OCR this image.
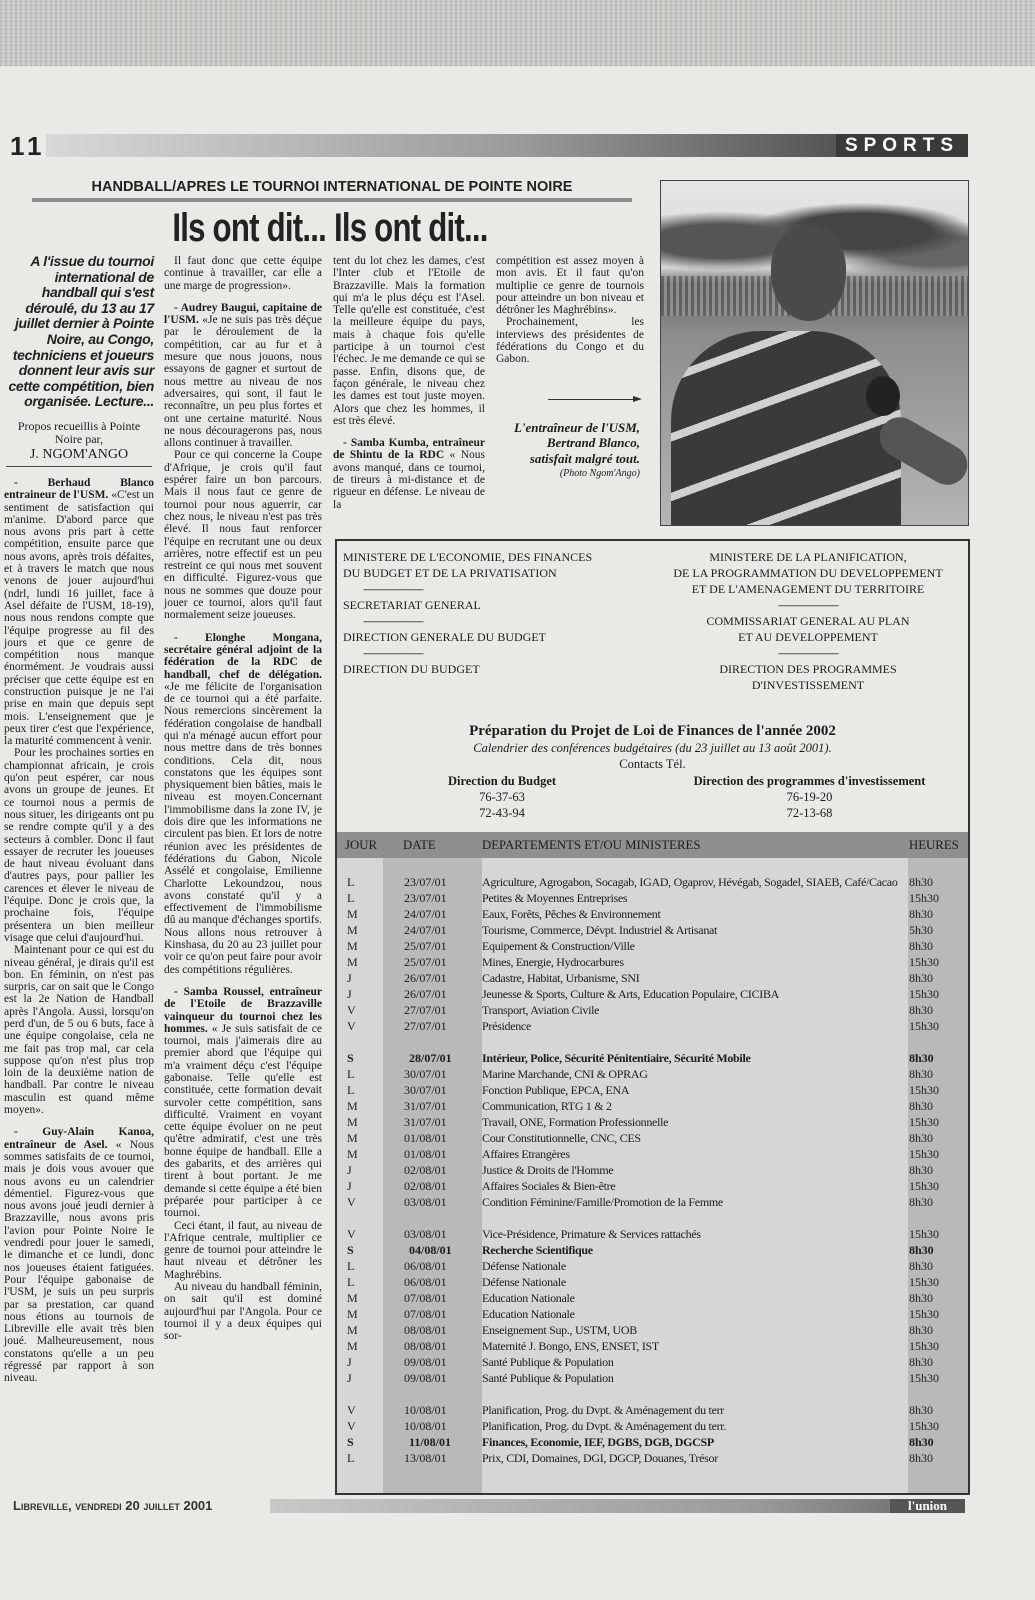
11	SPORTS
HANDBALL/APRES LE TOURNOI INTERNATIONAL DE POINTE NOIRE
Ils ont dit... Ils ont dit...
A l'issue du tournoi international de handball qui s'est déroulé, du 13 au 17 juillet dernier à Pointe Noire, au Congo, techniciens et joueurs donnent leur avis sur cette compétition, bien organisée. Lecture...
Propos recueillis à Pointe Noire par,
J. NGOM'ANGO

- Berhaud Blanco entraineur de l'USM. «C'est un sentiment de satisfaction qui m'anime. D'abord parce que nous avons pris part à cette compétition, ensuite parce que nous avons, après trois défaites, et à travers le match que nous venons de jouer aujourd'hui (ndrl, lundi 16 juillet, face à Asel défaite de l'USM, 18-19), nous nous rendons compte que l'équipe progresse au fil des jours et que ce genre de compétition nous manque énormément. Je voudrais aussi préciser que cette équipe est en construction puisque je ne l'ai prise en main que depuis sept mois. L'enseignement que je peux tirer c'est que l'expérience, la maturité commencent à venir.

Pour les prochaines sorties en championnat africain, je crois qu'on peut espérer, car nous avons un groupe de jeunes. Et ce tournoi nous a permis de nous situer, les dirigeants ont pu se rendre compte qu'il y a des secteurs à combler. Donc il faut essayer de recruter les joueuses de haut niveau évoluant dans d'autres pays, pour pallier les carences et élever le niveau de l'équipe. Donc je crois que, la prochaine fois, l'équipe présentera un bien meilleur visage que celui d'aujourd'hui.

Maintenant pour ce qui est du niveau général, je dirais qu'il est bon. En féminin, on n'est pas surpris, car on sait que le Congo est la 2e Nation de Handball après l'Angola. Aussi, lorsqu'on perd d'un, de 5 ou 6 buts, face à une équipe congolaise, cela ne me fait pas trop mal, car cela suppose qu'on n'est plus trop loin de la deuxième nation de handball. Par contre le niveau masculin est quand même moyen».

- Guy-Alain Kanoa, entraîneur de Asel. « Nous sommes satisfaits de ce tournoi, mais je dois vous avouer que nous avons eu un calendrier démentiel. Figurez-vous que nous avons joué jeudi dernier à Brazzaville, nous avons pris l'avion pour Pointe Noire le vendredi pour jouer le samedi, le dimanche et ce lundi, donc nos joueuses étaient fatiguées. Pour l'équipe gabonaise de l'USM, je suis un peu surpris par sa prestation, car quand nous étions au tournois de Libreville elle avait très bien joué. Malheureusement, nous constatons qu'elle a un peu régressé par rapport à son niveau.

Il faut donc que cette équipe continue à travailler, car elle a une marge de progression».

- Audrey Baugui, capitaine de l'USM. «Je ne suis pas très déçue par le déroulement de la compétition, car au fur et à mesure que nous jouons, nous essayons de gagner et surtout de nous mettre au niveau de nos adversaires, qui sont, il faut le reconnaître, un peu plus fortes et ont une certaine maturité. Nous ne nous découragerons pas, nous allons continuer à travailler.

Pour ce qui concerne la Coupe d'Afrique, je crois qu'il faut espérer faire un bon parcours. Mais il nous faut ce genre de tournoi pour nous aguerrir, car chez nous, le niveau n'est pas très élevé. Il nous faut renforcer l'équipe en recrutant une ou deux arrières, notre effectif est un peu restreint ce qui nous met souvent en difficulté. Figurez-vous que nous ne sommes que douze pour jouer ce tournoi, alors qu'il faut normalement seize joueuses.

- Elonghe Mongana, secrétaire général adjoint de la fédération de la RDC de handball, chef de délégation. «Je me félicite de l'organisation de ce tournoi qui a été parfaite. Nous remercions sincèrement la fédération congolaise de handball qui n'a ménagé aucun effort pour nous mettre dans de très bonnes conditions. Cela dit, nous constatons que les équipes sont physiquement bien bâties, mais le niveau est moyen.Concernant l'immobilisme dans la zone IV, je dois dire que les informations ne circulent pas bien. Et lors de notre réunion avec les présidentes de fédérations du Gabon, Nicole Assélé et congolaise, Emilienne Charlotte Lekoundzou, nous avons constaté qu'il y a effectivement de l'immobilisme dû au manque d'échanges sportifs. Nous allons nous retrouver à Kinshasa, du 20 au 23 juillet pour voir ce qu'on peut faire pour avoir des compétitions régulières.

- Samba Roussel, entraîneur de l'Etoile de Brazzaville vainqueur du tournoi chez les hommes. « Je suis satisfait de ce tournoi, mais j'aimerais dire au premier abord que l'équipe qui m'a vraiment déçu c'est l'équipe gabonaise. Telle qu'elle est constituée, cette formation devait survoler cette compétition, sans difficulté. Vraiment en voyant cette équipe évoluer on ne peut qu'être admiratif, c'est une très bonne équipe de handball. Elle a des gabarits, et des arrières qui tirent à bout portant. Je me demande si cette équipe a été bien préparée pour participer à ce tournoi.

Ceci étant, il faut, au niveau de l'Afrique centrale, multiplier ce genre de tournoi pour atteindre le haut niveau et détrôner les Maghrébins.

Au niveau du handball féminin, on sait qu'il est dominé aujourd'hui par l'Angola. Pour ce tournoi il y a deux équipes qui sor-

tent du lot chez les dames, c'est l'Inter club et l'Etoile de Brazzaville. Mais la formation qui m'a le plus déçu est l'Asel. Telle qu'elle est constituée, c'est la meilleure équipe du pays, mais à chaque fois qu'elle participe à un tournoi c'est l'échec. Je me demande ce qui se passe. Enfin, disons que, de façon générale, le niveau chez les dames est tout juste moyen. Alors que chez les hommes, il est très élevé.

- Samba Kumba, entraîneur de Shintu de la RDC « Nous avons manqué, dans ce tournoi, de tireurs à mi-distance et de rigueur en défense. Le niveau de la

compétition est assez moyen à mon avis. Et il faut qu'on multiplie ce genre de tournois pour atteindre un bon niveau et détrôner les Maghrébins».

Prochainement, les interviews des présidentes de fédérations du Congo et du Gabon.

L'entraîneur de l'USM, Bertrand Blanco, satisfait malgré tout.
(Photo Ngom'Ango)
MINISTERE DE L'ECONOMIE, DES FINANCES
DU BUDGET ET DE LA PRIVATISATION
------------------------------
SECRETARIAT GENERAL
------------------------------
DIRECTION GENERALE DU BUDGET
------------------------------
DIRECTION DU BUDGET
MINISTERE DE LA PLANIFICATION,
DE LA PROGRAMMATION DU DEVELOPPEMENT
ET DE L'AMENAGEMENT DU TERRITOIRE
------------------------------
COMMISSARIAT GENERAL AU PLAN
ET AU DEVELOPPEMENT
------------------------------
DIRECTION DES PROGRAMMES
D'INVESTISSEMENT
Préparation du Projet de Loi de Finances de l'année 2002
Calendrier des conférences budgétaires (du 23 juillet au 13 août 2001).
Contacts Tél.
Direction du Budget
76-37-63
72-43-94
Direction des programmes d'investissement
76-19-20
72-13-68
JOUR DATE	DEPARTEMENTS ET/OU MINISTERES	HEURES
L	23/07/01	Agriculture, Agrogabon, Socagab, IGAD, Ogaprov, Hévégab, Sogadel, SIAEB, Café/Cacao 8h30
L	23/07/01	Petites & Moyennes Entreprises	15h30
M	24/07/01	Eaux, Forêts, Pêches & Environnement	8h30
M	24/07/01	Tourisme, Commerce, Dévpt. Industriel & Artisanat	5h30
M	25/07/01	Equipement & Construction/Ville	8h30
M	25/07/01	Mines, Energie, Hydrocarbures	15h30
J	26/07/01	Cadastre, Habitat, Urbanisme, SNI	8h30
J	26/07/01	Jeunesse & Sports, Culture & Arts, Education Populaire, CICIBA	15h30
V	27/07/01	Transport, Aviation Civile	8h30
V	27/07/01	Présidence	15h30
S	28/07/01	Intérieur, Police, Sécurité Pénitentiaire, Sécurité Mobile	8h30
L	30/07/01	Marine Marchande, CNI & OPRAG	8h30
L	30/07/01	Fonction Publique, EPCA, ENA	15h30
M	31/07/01	Communication, RTG 1 & 2	8h30
M	31/07/01	Travail, ONE, Formation Professionnelle	15h30
M	01/08/01	Cour Constitutionnelle, CNC, CES	8h30
M	01/08/01	Affaires Etrangères	15h30
J	02/08/01	Justice & Droits de l'Homme	8h30
J	02/08/01	Affaires Sociales & Bien-être	15h30
V	03/08/01	Condition Féminine/Famille/Promotion de la Femme	8h30
V	03/08/01	Vice-Présidence, Primature & Services rattachés	15h30
S	04/08/01	Recherche Scientifique	8h30
L	06/08/01	Défense Nationale	8h30
L	06/08/01	Défense Nationale	15h30
M	07/08/01	Education Nationale	8h30
M	07/08/01	Education Nationale	15h30
M	08/08/01	Enseignement Sup., USTM, UOB	8h30
M	08/08/01	Maternité J. Bongo, ENS, ENSET, IST	15h30
J	09/08/01	Santé Publique & Population	8h30
J	09/08/01	Santé Publique & Population	15h30
V	10/08/01	Planification, Prog. du Dvpt. & Aménagement du terr	8h30
V	10/08/01	Planification, Prog. du Dvpt. & Aménagement du terr.	15h30
S	11/08/01	Finances, Economie, IEF, DGBS, DGB, DGCSP	8h30
L	13/08/01	Prix, CDI, Domaines, DGI, DGCP, Douanes, Trésor	8h30
Libreville, vendredi 20 juillet 2001	l'union
